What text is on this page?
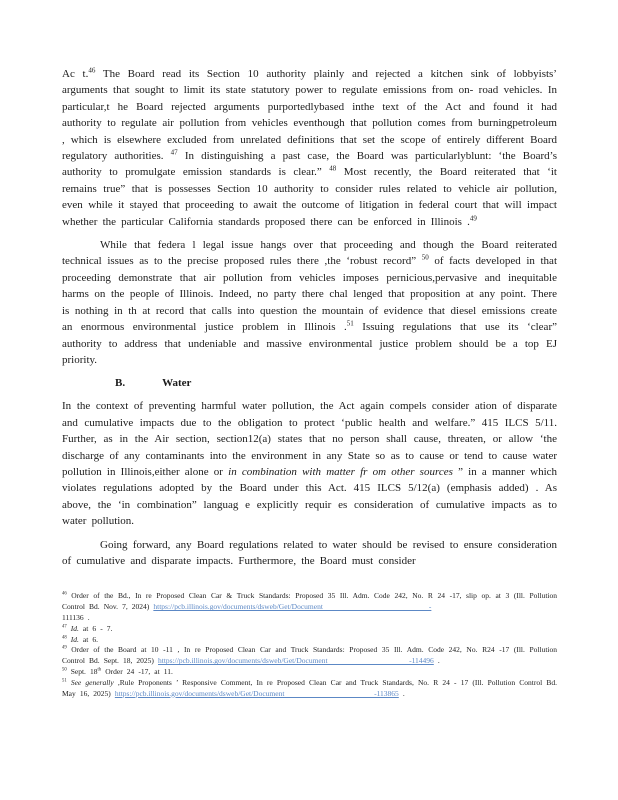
Ac t.$^{46}$ The Board read its Section 10 authority plainly and rejected a kitchen sink of lobbyists’ arguments that sought to limit its state statutory power to regulate emissions from on- road vehicles. In particular,t he Board rejected arguments purportedlybased inthe text of the Act and found it had authority to regulate air pollution from vehicles eventhough that pollution comes from burningpetroleum , which is elsewhere excluded from unrelated definitions that set the scope of entirely different Board regulatory authorities. $^{47}$ In distinguishing a past case, the Board was particularlyblunt: ‘the Board’s authority to promulgate emission standards is clear.” $^{48}$ Most recently, the Board reiterated that ‘it remains true” that is possesses Section 10 authority to consider rules related to vehicle air pollution, even while it stayed that proceeding to await the outcome of litigation in federal court that will impact whether the particular California standards proposed there can be enforced in Illinois .$^{49}$
While that federa l legal issue hangs over that proceeding and though the Board reiterated technical issues as to the precise proposed rules there ,the ‘robust record” $^{50}$ of facts developed in that proceeding demonstrate that air pollution from vehicles imposes pernicious,pervasive and inequitable harms on the people of Illinois. Indeed, no party there chal lenged that proposition at any point. There is nothing in th at record that calls into question the mountain of evidence that diesel emissions create an enormous environmental justice problem in Illinois .$^{51}$ Issuing regulations that use its ‘clear” authority to address that undeniable and massive environmental justice problem should be a top EJ priority.
B.	Water
In the context of preventing harmful water pollution, the Act again compels consider ation of disparate and cumulative impacts due to the obligation to protect ‘public health and welfare.” 415 ILCS 5/11. Further, as in the Air section, section12(a) states that no person shall cause, threaten, or allow ‘the discharge of any contaminants into the environment in any State so as to cause or tend to cause water pollution in Illinois,either alone or in combination with matter fr om other sources ” in a manner which violates regulations adopted by the Board under this Act. 415 ILCS 5/12(a) (emphasis added) . As above, the ‘in combination” languag e explicitly requir es consideration of cumulative impacts as to water pollution.
Going forward, any Board regulations related to water should be revised to ensure consideration of cumulative and disparate impacts. Furthermore, the Board must consider
$^{46}$ Order of the Bd., In re Proposed Clean Car & Truck Standards: Proposed 35 Ill. Adm. Code 242, No. R 24 -17, slip op. at 3 (Ill. Pollution Control Bd. Nov. 7, 2024) https://pcb.illinois.gov/documents/dsweb/Get/Document                          -
111136 .
$^{47}$ Id. at 6 - 7.
$^{48}$ Id. at 6.
$^{49}$ Order of the Board at 10 -11 , In re Proposed Clean Car and Truck Standards: Proposed 35 Ill. Adm. Code 242, No. R24 -17 (Ill. Pollution Control Bd. Sept. 18, 2025) https://pcb.illinois.gov/documents/dsweb/Get/Document                    -114496 .
$^{50}$ Sept. 18th Order 24 -17, at 11.
$^{51}$ See generally ,Rule Proponents ’ Responsive Comment, In re Proposed Clean Car and Truck Standards, No. R 24 - 17 (Ill. Pollution Control Bd. May 16, 2025) https://pcb.illinois.gov/documents/dsweb/Get/Document                      -113865 .
